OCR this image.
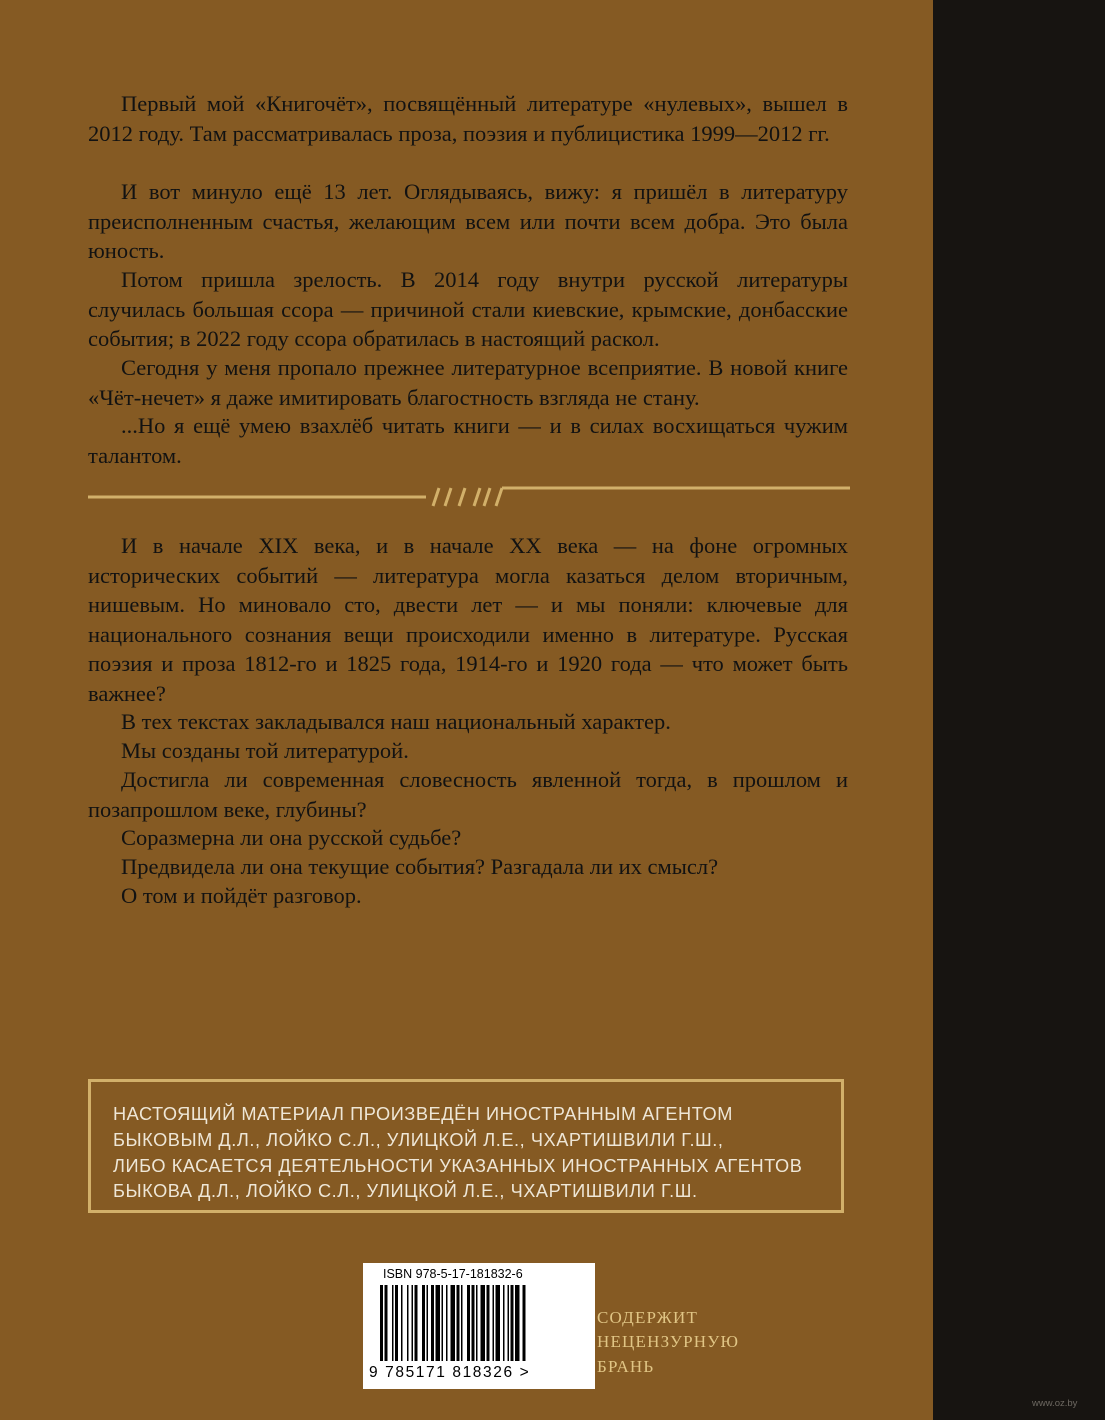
Первый мой «Книгочёт», посвящённый литературе «нулевых», вышел в 2012 году. Там рассматривалась проза, поэзия и публицистика 1999—2012 гг.

И вот минуло ещё 13 лет. Оглядываясь, вижу: я пришёл в литературу преисполненным счастья, желающим всем или почти всем добра. Это была юность.

Потом пришла зрелость. В 2014 году внутри русской литературы случилась большая ссора — причиной стали киевские, крымские, донбасские события; в 2022 году ссора обратилась в настоящий раскол.

Сегодня у меня пропало прежнее литературное всеприятие. В новой книге «Чёт-нечет» я даже имитировать благостность взгляда не стану.

...Но я ещё умею взахлёб читать книги — и в силах восхищаться чужим талантом.

И в начале XIX века, и в начале XX века — на фоне огромных исторических событий — литература могла казаться делом вторичным, нишевым. Но миновало сто, двести лет — и мы поняли: ключевые для национального сознания вещи происходили именно в литературе. Русская поэзия и проза 1812-го и 1825 года, 1914-го и 1920 года — что может быть важнее?

В тех текстах закладывался наш национальный характер.

Мы созданы той литературой.

Достигла ли современная словесность явленной тогда, в прошлом и позапрошлом веке, глубины?

Соразмерна ли она русской судьбе?

Предвидела ли она текущие события? Разгадала ли их смысл?

О том и пойдёт разговор.

НАСТОЯЩИЙ МАТЕРИАЛ ПРОИЗВЕДЁН ИНОСТРАННЫМ АГЕНТОМ
БЫКОВЫМ Д.Л., ЛОЙКО С.Л., УЛИЦКОЙ Л.Е., ЧХАРТИШВИЛИ Г.Ш.,
ЛИБО КАСАЕТСЯ ДЕЯТЕЛЬНОСТИ УКАЗАННЫХ ИНОСТРАННЫХ АГЕНТОВ
БЫКОВА Д.Л., ЛОЙКО С.Л., УЛИЦКОЙ Л.Е., ЧХАРТИШВИЛИ Г.Ш.
ISBN 978-5-17-181832-6
9 785171 818326 >
СОДЕРЖИТ
НЕЦЕНЗУРНУЮ
БРАНЬ
www.oz.by
